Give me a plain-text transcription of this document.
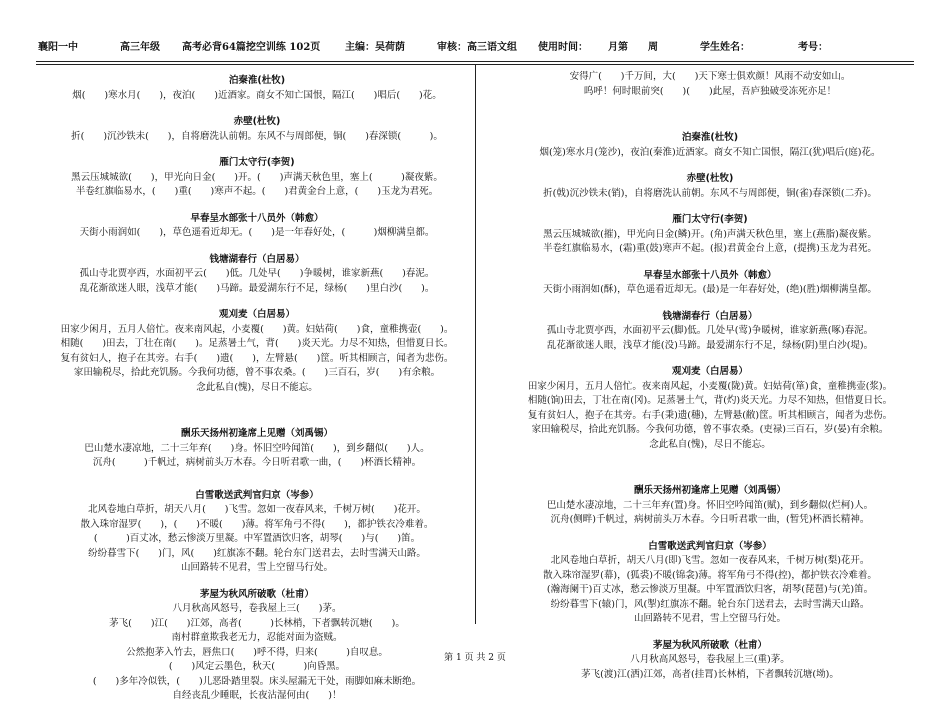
襄阳一中	高三年级 高考必背64篇挖空训练 102页 主编：吴荷荫	审核：高三语文组 使用时间： 月第 周	学生姓名：	考号：
泊秦淮(杜牧)
烟(　　)寒水月(　　)，夜泊(　　)近酒家。商女不知亡国恨，隔江(　　)唱后(　　)花。
赤壁(杜牧)
折(　　)沉沙铁未(　　)，自将磨洗认前朝。东风不与周郎便，铜(　　)春深锁(　　　)。
雁门太守行(李贺)
黑云压城城欲(　　)，甲光向日金(　　)开。(　　)声满天秋色里，塞上(　　　)凝夜紫。
半卷红旗临易水，(　　)重(　　)寒声不起。(　　)君黄金台上意，(　　)玉龙为君死。
早春呈水部张十八员外（韩愈）
天街小雨润如(　　)，草色遥看近却无。(　　)是一年春好处，(　　　)烟柳满皇都。
钱塘湖春行（白居易）
孤山寺北贾亭西，水面初平云(　　)低。几处早(　　)争暖树，谁家新燕(　　)春泥。
乱花渐欲迷人眼，浅草才能(　　)马蹄。最爱湖东行不足，绿杨(　　)里白沙(　　)。
观刈麦（白居易）
田家少闲月，五月人倍忙。夜来南风起，小麦覆(　　)黄。妇姑荷(　　)食，童稚携壶(　　)。
相随(　　)田去，丁壮在南(　　)。足蒸暑土气，背(　　)炎天光。力尽不知热，但惜夏日长。
复有贫妇人，抱子在其旁。右手(　　)遗(　　)，左臂悬(　　)筐。听其相顾言，闻者为悲伤。
家田输税尽，拾此充饥肠。今我何功德，曾不事农桑。(　　)三百石，岁(　　)有余粮。
念此私自(愧)，尽日不能忘。
酬乐天扬州初逢席上见赠（刘禹锡）
巴山楚水凄凉地，二十三年弃(　　)身。怀旧空吟闻笛(　　)，到乡翻似(　　)人。
沉舟(　　　)千帆过，病树前头万木春。今日听君歌一曲，(　　)杯酒长精神。
白雪歌送武判官归京（岑参）
北风卷地白草折，胡天八月(　　)飞雪。忽如一夜春风来，千树万树(　　)花开。
散入珠帘湿罗(　　)，(　　)不暖(　　)薄。将军角弓不得(　　)，都护铁衣冷难着。
(　　　)百丈冰，愁云惨淡万里凝。中军置酒饮归客，胡琴(　　)与(　　)笛。
纷纷暮雪下(　　)门，风(　　)红旗冻不翻。轮台东门送君去，去时雪满天山路。
山回路转不见君，雪上空留马行处。
茅屋为秋风所破歌（杜甫）
八月秋高风怒号，卷我屋上三(　　)茅。
茅飞(　　)江(　　)江郊，高者(　　　)长林梢，下者飘转沉塘(　　)。
南村群童欺我老无力，忍能对面为盗贼。
公然抱茅入竹去，唇焦口(　　)呼不得，归来(　　　)自叹息。
(　　)风定云墨色，秋天(　　　)向昏黑。
(　　)多年冷似铁，(　　)儿恶卧踏里裂。床头屋漏无干处，雨脚如麻未断绝。
自经丧乱少睡眠，长夜沾湿何由(　　)！
安得广(　　)千万间，大(　　)天下寒士俱欢颜！风雨不动安如山。
呜呼！何时眼前突(　　)(　　)此屋，吾庐独破受冻死亦足！
泊秦淮(杜牧)
烟(笼)寒水月(笼沙)，夜泊(秦淮)近酒家。商女不知亡国恨，隔江(犹)唱后(庭)花。
赤壁(杜牧)
折(戟)沉沙铁未(销)，自将磨洗认前朝。东风不与周郎便，铜(雀)春深锁(二乔)。
雁门太守行(李贺)
黑云压城城欲(摧)，甲光向日金(鳞)开。(角)声满天秋色里，塞上(燕脂)凝夜紫。
半卷红旗临易水，(霜)重(鼓)寒声不起。(报)君黄金台上意，(提携)玉龙为君死。
早春呈水部张十八员外（韩愈）
天街小雨润如(酥)，草色遥看近却无。(最)是一年春好处，(绝)(胜)烟柳满皇都。
钱塘湖春行（白居易）
孤山寺北贾亭西，水面初平云(脚)低。几处早(莺)争暖树，谁家新燕(啄)春泥。
乱花渐欲迷人眼，浅草才能(没)马蹄。最爱湖东行不足，绿杨(阴)里白沙(堤)。
观刈麦（白居易）
田家少闲月，五月人倍忙。夜来南风起，小麦覆(陇)黄。妇姑荷(箪)食，童稚携壶(浆)。
相随(饷)田去，丁壮在南(冈)。足蒸暑土气，背(灼)炎天光。力尽不知热，但惜夏日长。
复有贫妇人，抱子在其旁。右手(秉)遗(穗)，左臂悬(敝)筐。听其相顾言，闻者为悲伤。
家田输税尽，拾此充饥肠。今我何功德，曾不事农桑。(吏禄)三百石，岁(晏)有余粮。
念此私自(愧)，尽日不能忘。
酬乐天扬州初逢席上见赠（刘禹锡）
巴山楚水凄凉地，二十三年弃(置)身。怀旧空吟闻笛(赋)，到乡翻似(烂柯)人。
沉舟(侧畔)千帆过，病树前头万木春。今日听君歌一曲，(暂凭)杯酒长精神。
白雪歌送武判官归京（岑参）
北风卷地白草折，胡天八月(即)飞雪。忽如一夜春风来，千树万树(梨)花开。
散入珠帘湿罗(幕)，(狐裘)不暖(锦衾)薄。将军角弓不得(控)，都护铁衣冷难着。
(瀚海阑干)百丈冰，愁云惨淡万里凝。中军置酒饮归客，胡琴(琵琶)与(羌)笛。
纷纷暮雪下(辕)门，风(掣)红旗冻不翻。轮台东门送君去，去时雪满天山路。
山回路转不见君，雪上空留马行处。
茅屋为秋风所破歌（杜甫）
八月秋高风怒号，卷我屋上三(重)茅。
茅飞(渡)江(洒)江郊，高者(挂罥)长林梢，下者飘转沉塘(坳)。
第 1 页 共 2 页
